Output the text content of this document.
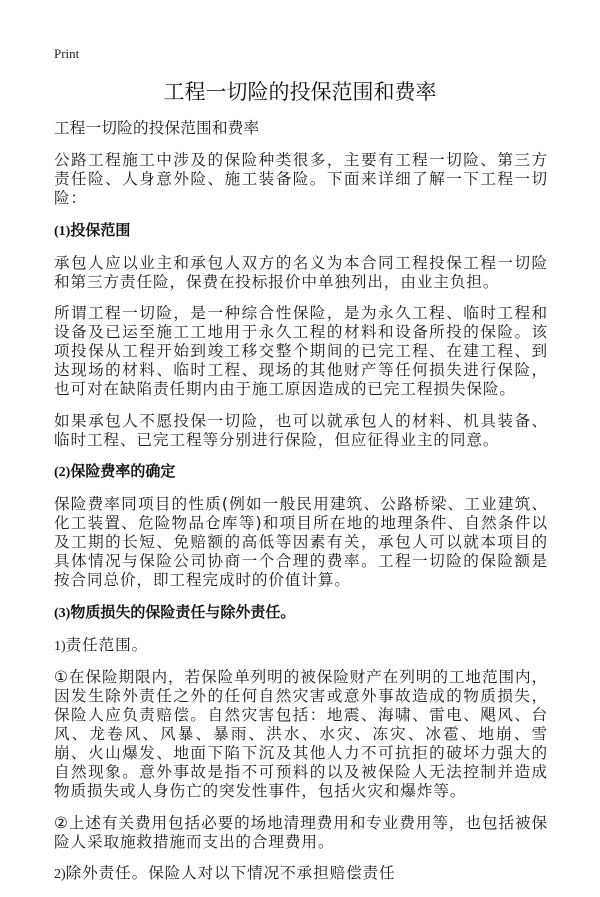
Print
工程一切险的投保范围和费率

工程一切险的投保范围和费率

公路工程施工中涉及的保险种类很多，主要有工程一切险、第三方责任险、人身意外险、施工装备险。下面来详细了解一下工程一切险：

(1)投保范围

承包人应以业主和承包人双方的名义为本合同工程投保工程一切险和第三方责任险，保费在投标报价中单独列出，由业主负担。

所谓工程一切险，是一种综合性保险，是为永久工程、临时工程和设备及已运至施工工地用于永久工程的材料和设备所投的保险。该项投保从工程开始到竣工移交整个期间的已完工程、在建工程、到达现场的材料、临时工程、现场的其他财产等任何损失进行保险，也可对在缺陷责任期内由于施工原因造成的已完工程损失保险。

如果承包人不愿投保一切险，也可以就承包人的材料、机具装备、临时工程、已完工程等分别进行保险，但应征得业主的同意。

(2)保险费率的确定

保险费率同项目的性质(例如一般民用建筑、公路桥梁、工业建筑、化工装置、危险物品仓库等)和项目所在地的地理条件、自然条件以及工期的长短、免赔额的高低等因素有关，承包人可以就本项目的具体情况与保险公司协商一个合理的费率。工程一切险的保险额是按合同总价，即工程完成时的价值计算。

(3)物质损失的保险责任与除外责任。

1)责任范围。

①在保险期限内，若保险单列明的被保险财产在列明的工地范围内，因发生除外责任之外的任何自然灾害或意外事故造成的物质损失，保险人应负责赔偿。自然灾害包括：地震、海啸、雷电、飓风、台风、龙卷风、风暴、暴雨、洪水、水灾、冻灾、冰雹、地崩、雪崩、火山爆发、地面下陷下沉及其他人力不可抗拒的破坏力强大的自然现象。意外事故是指不可预料的以及被保险人无法控制并造成物质损失或人身伤亡的突发性事件，包括火灾和爆炸等。

②上述有关费用包括必要的场地清理费用和专业费用等，也包括被保险人采取施救措施而支出的合理费用。

2)除外责任。保险人对以下情况不承担赔偿责任
